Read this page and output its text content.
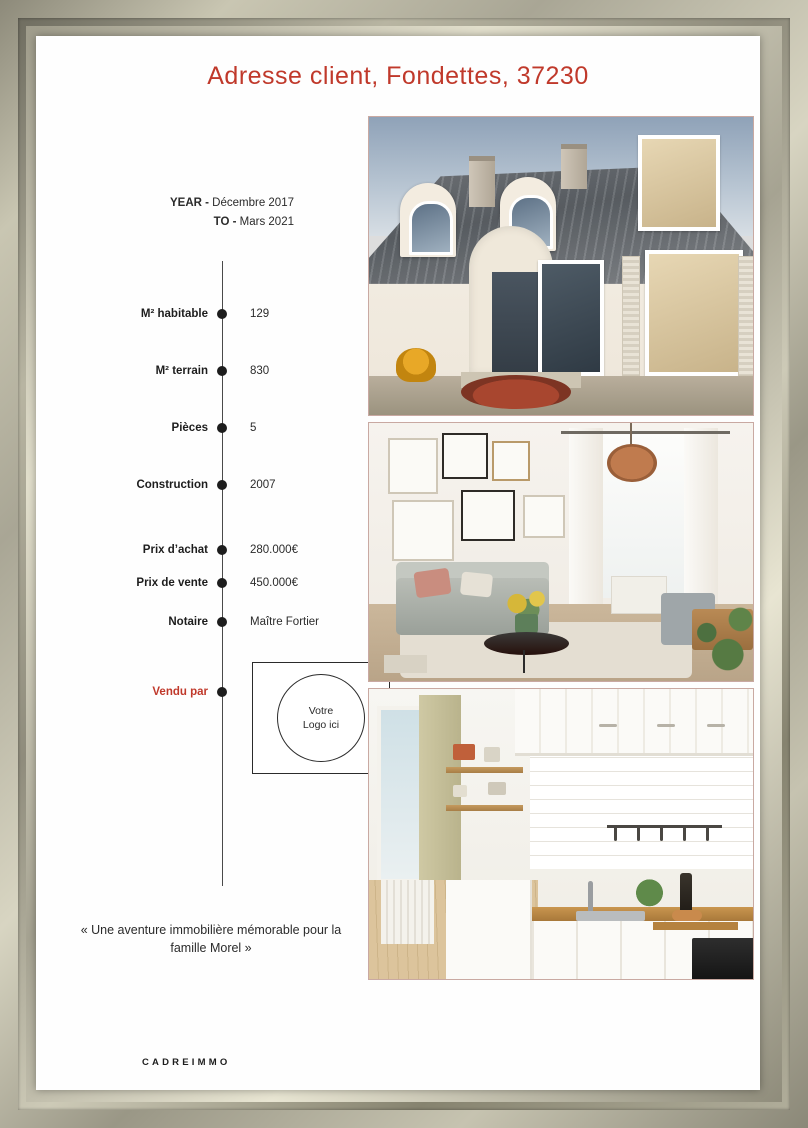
Adresse client, Fondettes, 37230
YEAR - Décembre 2017
TO - Mars 2021
M² habitable	129
M² terrain	830
Pièces	5
Construction	2007
Prix d’achat	280.000€
Prix de vente	450.000€
Notaire	Maître Fortier
Vendu par
Votre
Logo ici
« Une aventure immobilière mémorable pour la famille Morel »
CADREIMMO
